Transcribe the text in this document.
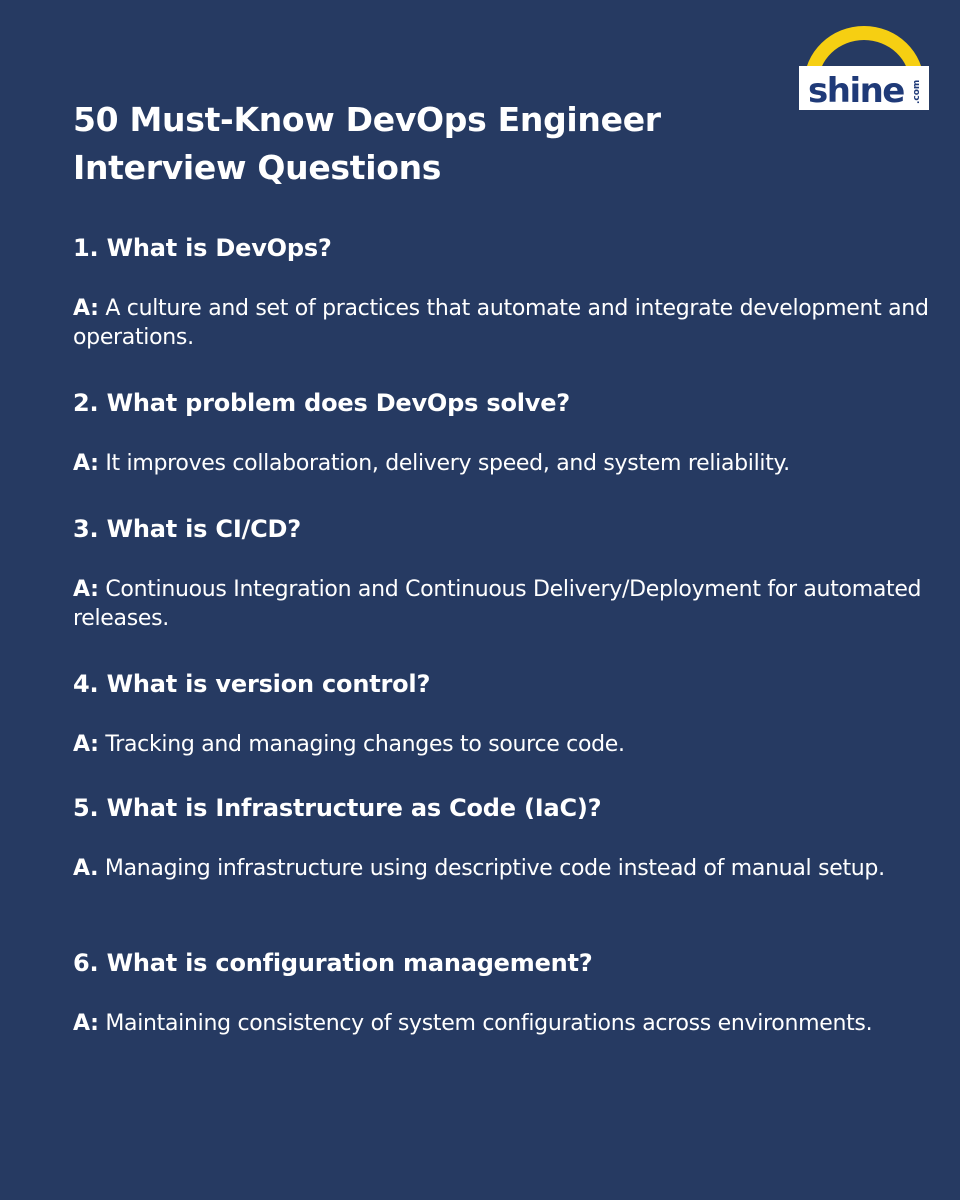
shine .com
50 Must-Know DevOps Engineer
Interview Questions

1. What is DevOps?

A: A culture and set of practices that automate and integrate development and operations.

2. What problem does DevOps solve?

A: It improves collaboration, delivery speed, and system reliability.

3. What is CI/CD?

A: Continuous Integration and Continuous Delivery/Deployment for automated releases.

4. What is version control?

A: Tracking and managing changes to source code.

5. What is Infrastructure as Code (IaC)?

A. Managing infrastructure using descriptive code instead of manual setup.

6. What is configuration management?

A: Maintaining consistency of system configurations across environments.
